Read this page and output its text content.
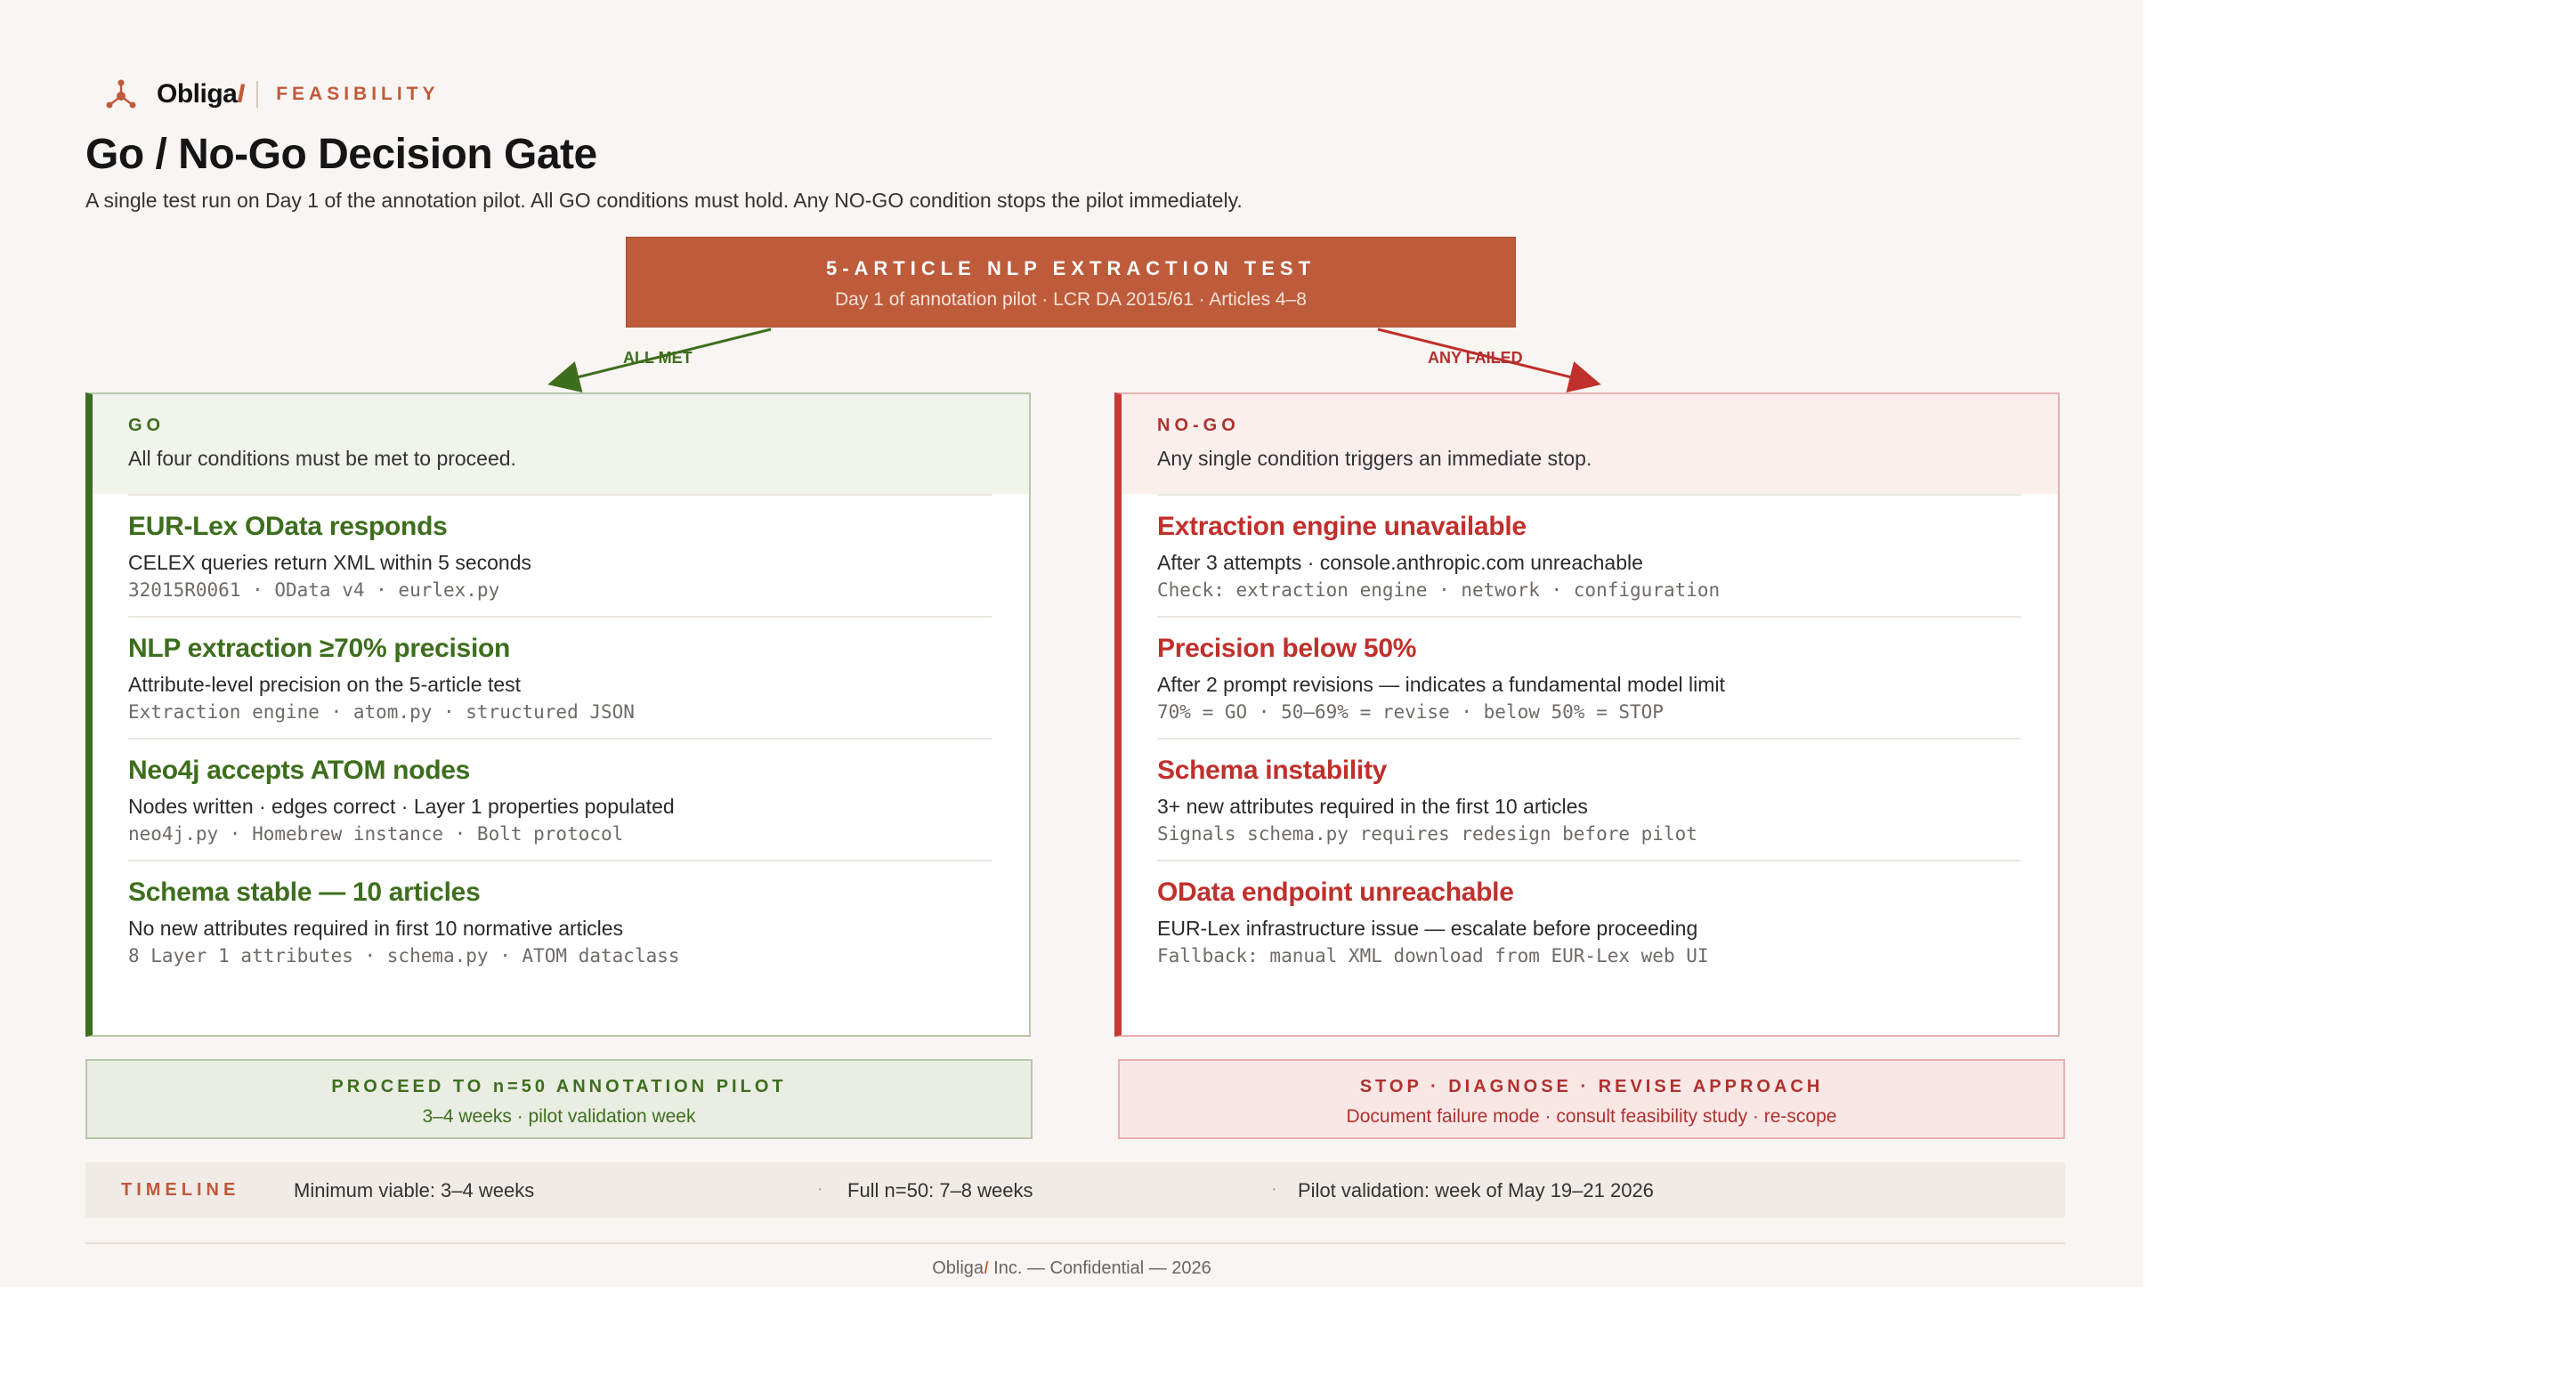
ObligaI FEASIBILITY
Go / No-Go Decision Gate
A single test run on Day 1 of the annotation pilot. All GO conditions must hold. Any NO-GO condition stops the pilot immediately.
5-ARTICLE NLP EXTRACTION TEST
Day 1 of annotation pilot · LCR DA 2015/61 · Articles 4–8
ALL MET	ANY FAILED
GO
All four conditions must be met to proceed.
EUR-Lex OData responds
CELEX queries return XML within 5 seconds
32015R0061 · OData v4 · eurlex.py
NLP extraction ≥70% precision
Attribute-level precision on the 5-article test
Extraction engine · atom.py · structured JSON
Neo4j accepts ATOM nodes
Nodes written · edges correct · Layer 1 properties populated
neo4j.py · Homebrew instance · Bolt protocol
Schema stable — 10 articles
No new attributes required in first 10 normative articles
8 Layer 1 attributes · schema.py · ATOM dataclass
NO-GO
Any single condition triggers an immediate stop.
Extraction engine unavailable
After 3 attempts · console.anthropic.com unreachable
Check: extraction engine · network · configuration
Precision below 50%
After 2 prompt revisions — indicates a fundamental model limit
70% = GO · 50–69% = revise · below 50% = STOP
Schema instability
3+ new attributes required in the first 10 articles
Signals schema.py requires redesign before pilot
OData endpoint unreachable
EUR-Lex infrastructure issue — escalate before proceeding
Fallback: manual XML download from EUR-Lex web UI
PROCEED TO n=50 ANNOTATION PILOT
3–4 weeks · pilot validation week
STOP · DIAGNOSE · REVISE APPROACH
Document failure mode · consult feasibility study · re-scope
TIMELINE	Minimum viable: 3–4 weeks	· Full n=50: 7–8 weeks	· Pilot validation: week of May 19–21 2026
ObligaI Inc. — Confidential — 2026
